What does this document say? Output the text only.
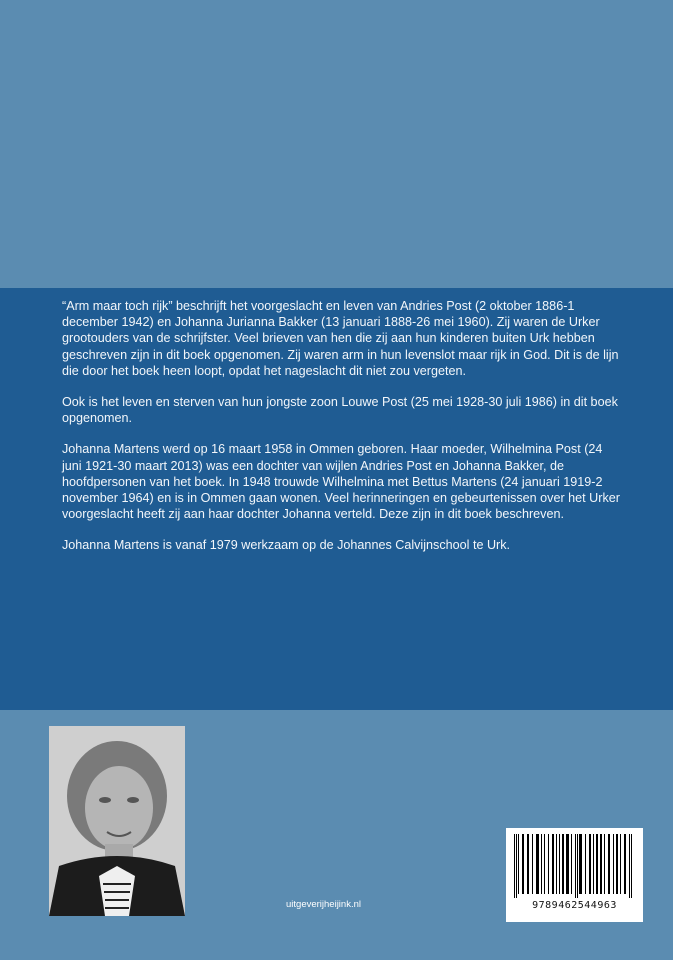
“Arm maar toch rijk” beschrijft het voorgeslacht en leven van Andries Post (2 oktober 1886-1 december 1942) en Johanna Jurianna Bakker (13 januari 1888-26 mei 1960). Zij waren de Urker grootouders van de schrijfster. Veel brieven van hen die zij aan hun kinderen buiten Urk hebben geschreven zijn in dit boek opgenomen. Zij waren arm in hun levenslot maar rijk in God. Dit is de lijn die door het boek heen loopt, opdat het nageslacht dit niet zou vergeten.

Ook is het leven en sterven van hun jongste zoon Louwe Post (25 mei 1928-30 juli 1986) in dit boek opgenomen.

Johanna Martens werd op 16 maart 1958 in Ommen geboren. Haar moeder, Wilhelmina Post (24 juni 1921-30 maart 2013) was een dochter van wijlen Andries Post en Johanna Bakker, de hoofdpersonen van het boek. In 1948 trouwde Wilhelmina met Bettus Martens (24 januari 1919-2 november 1964) en is in Ommen gaan wonen. Veel herinneringen en gebeurtenissen over het Urker voorgeslacht heeft zij aan haar dochter Johanna verteld. Deze zijn in dit boek beschreven.

Johanna Martens is vanaf 1979 werkzaam op de Johannes Calvijnschool te Urk.

uitgeverijheijink.nl	9789462544963
